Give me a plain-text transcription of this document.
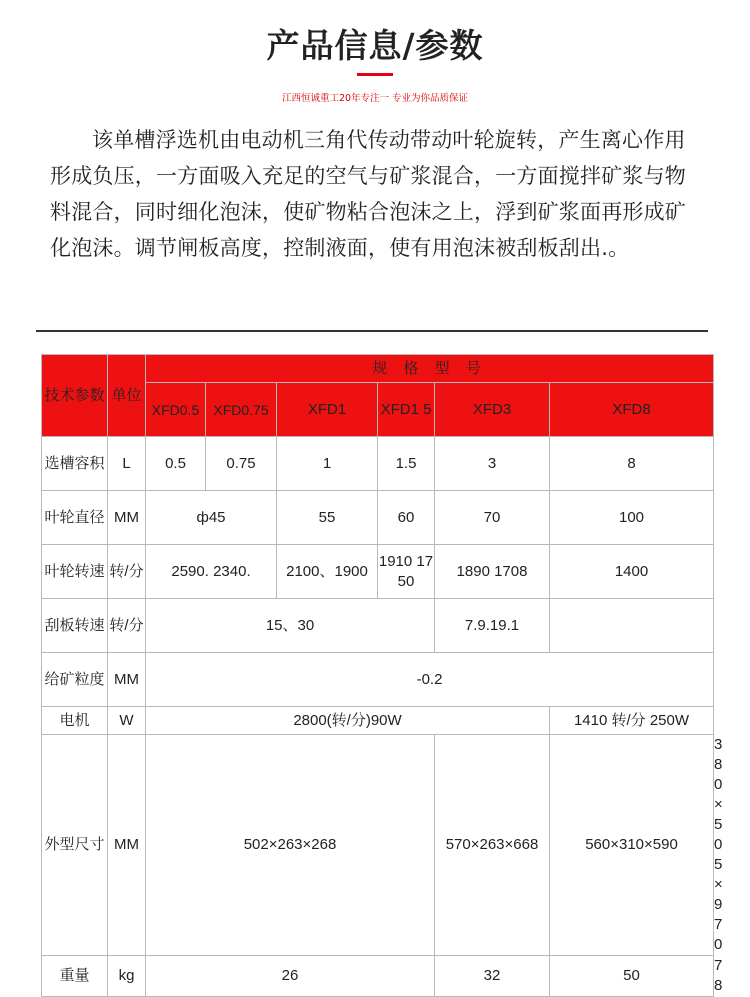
产品信息/参数
江西恒诚重工20年专注一 专业为你品质保证
该单槽浮选机由电动机三角代传动带动叶轮旋转，产生离心作用形成负压，一方面吸入充足的空气与矿浆混合，一方面搅拌矿浆与物料混合，同时细化泡沫，使矿物粘合泡沫之上，浮到矿浆面再形成矿化泡沫。调节闸板高度，控制液面，使有用泡沫被刮板刮出.。
技术参数	单位	规 格 型 号						
		XFD0.5	XFD0.75	XFD1	XFD1 5	XFD3	XFD8	
选槽容积	L	0.5	0.75	1	1.5	3	8	
叶轮直径	MM	ф45		55	60	70	100	
叶轮转速	转/分	2590. 2340.		2100、1900	1910 1750	1890 1708	1400	
刮板转速	转/分	15、30				7.9.19.1		
给矿粒度	MM	-0.2						
电机	W	2800(转/分)90W					1410 转/分 250W	
外型尺寸	MM	502×263×268				570×263×668	560×310×590	380×505×970
重量	kg	26				32	50	78
